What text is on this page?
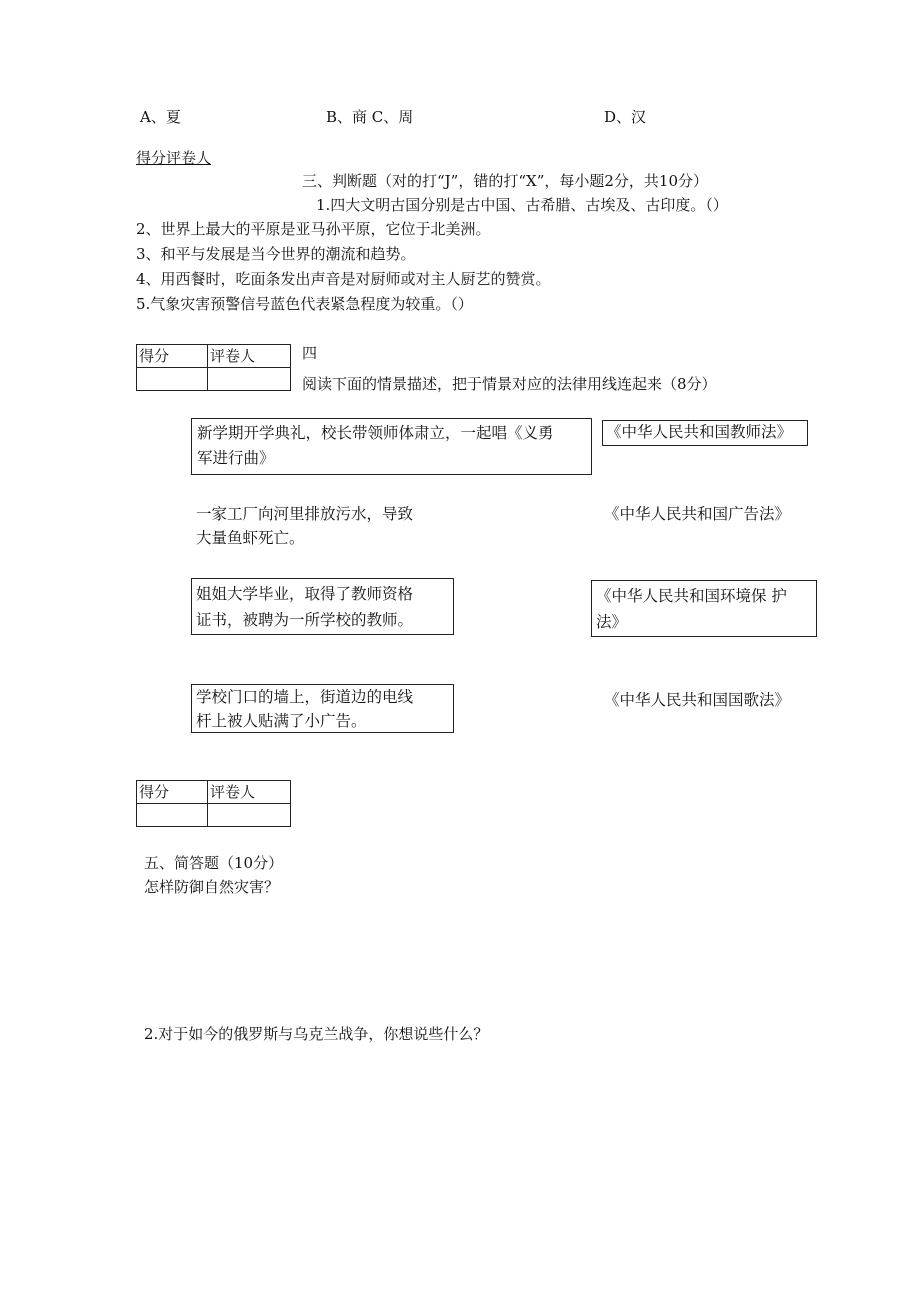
A、夏	B、商 C、周	D、汉
得分评卷人
三、判断题（对的打“J”，错的打“X”，每小题2分，共10分）
1.四大文明古国分别是古中国、古希腊、古埃及、古印度。（）
2、世界上最大的平原是亚马孙平原，它位于北美洲。
3、和平与发展是当今世界的潮流和趋势。
4、用西餐时，吃面条发出声音是对厨师或对主人厨艺的赞赏。
5.气象灾害预警信号蓝色代表紧急程度为较重。（）
得分	评卷人
		四
阅读下面的情景描述，把于情景对应的法律用线连起来（8分）
新学期开学典礼，校长带领师体肃立，一起唱《义勇
军进行曲》
《中华人民共和国教师法》
一家工厂向河里排放污水，导致
大量鱼虾死亡。
《中华人民共和国广告法》
姐姐大学毕业，取得了教师资格
证书，被聘为一所学校的教师。
《中华人民共和国环境保 护
法》
学校门口的墙上，街道边的电线
杆上被人贴满了小广告。
《中华人民共和国国歌法》
得分	评卷人

五、简答题（10分）
怎样防御自然灾害？
2.对于如今的俄罗斯与乌克兰战争，你想说些什么？
